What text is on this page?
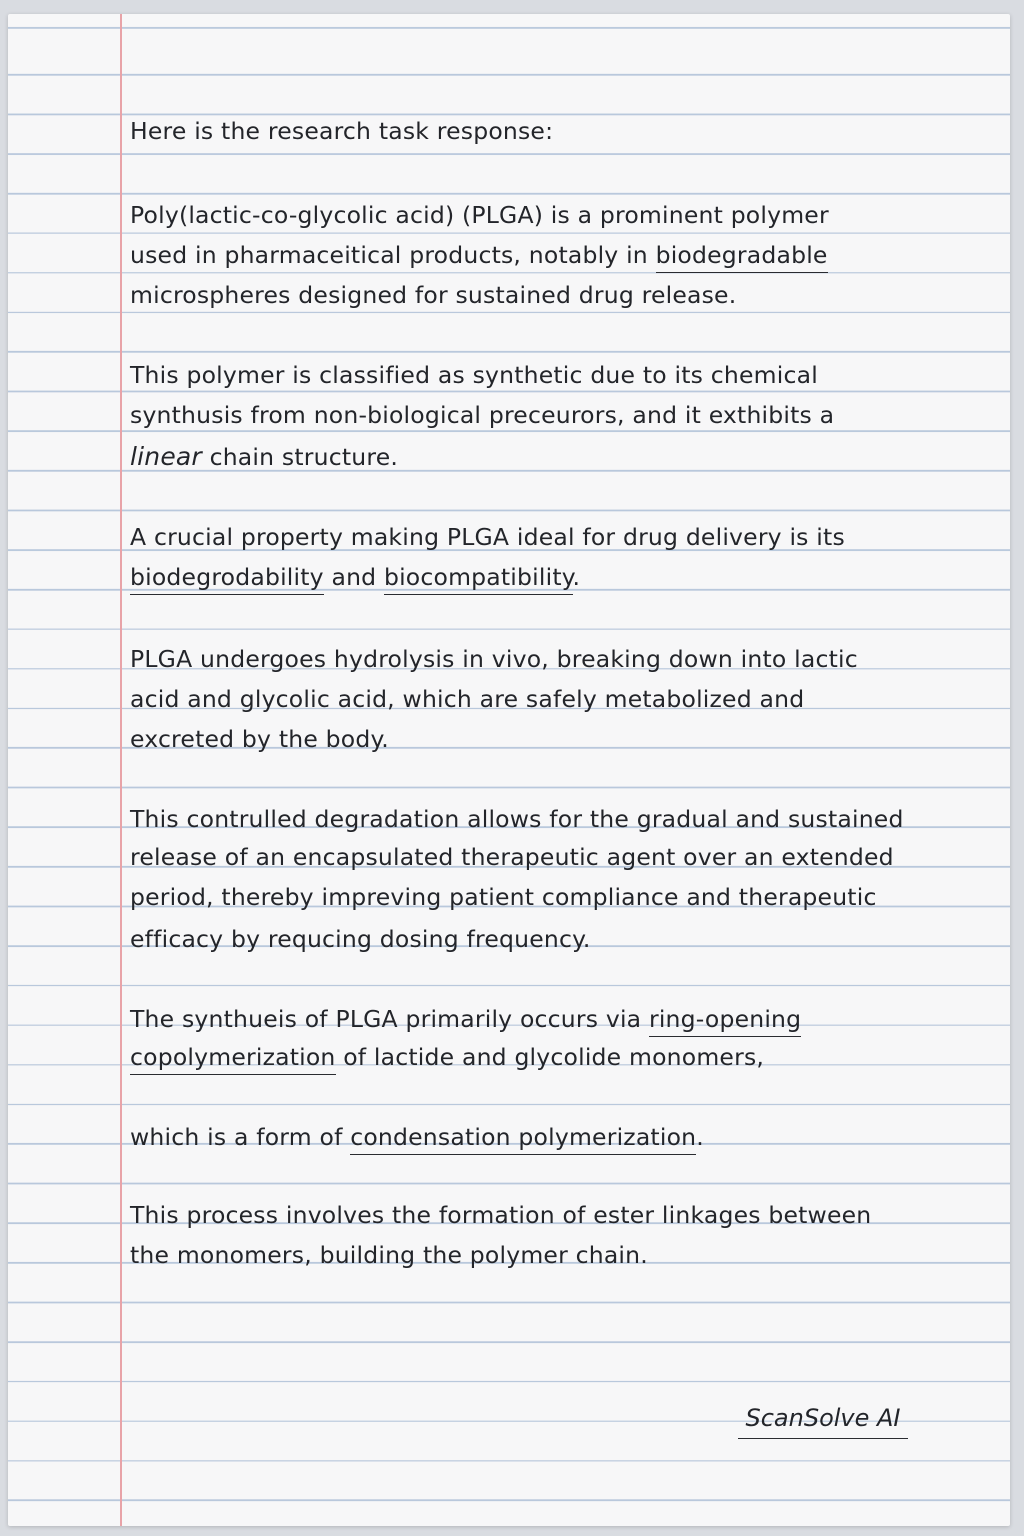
Here is the research task response:
Poly(lactic-co-glycolic acid) (PLGA) is a prominent polymer
used in pharmaceitical products, notably in biodegradable
microspheres designed for sustained drug release.
This polymer is classified as synthetic due to its chemical
synthusis from non-biological preceurors, and it exthibits a
linear chain structure.
A crucial property making PLGA ideal for drug delivery is its
biodegrodability and biocompatibility.
PLGA undergoes hydrolysis in vivo, breaking down into lactic
acid and glycolic acid, which are safely metabolized and
excreted by the body.
This contrulled degradation allows for the gradual and sustained
release of an encapsulated therapeutic agent over an extended
period, thereby impreving patient compliance and therapeutic
efficacy by requcing dosing frequency.
The synthueis of PLGA primarily occurs via ring-opening
copolymerization of lactide and glycolide monomers,
which is a form of condensation polymerization.
This process involves the formation of ester linkages between
the monomers, building the polymer chain.
ScanSolve AI
